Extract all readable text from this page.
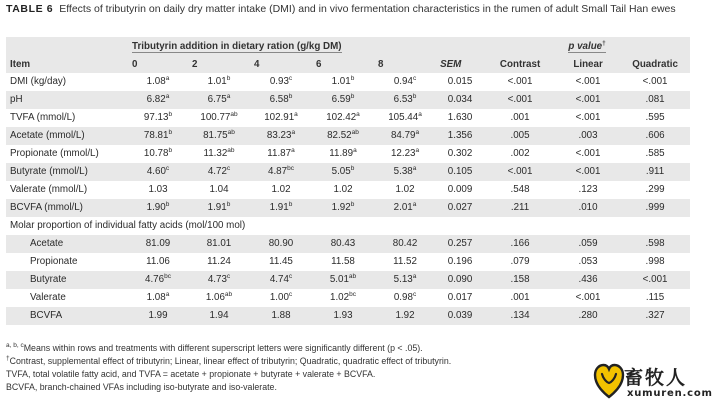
TABLE 6 Effects of tributyrin on daily dry matter intake (DMI) and in vivo fermentation characteristics in the rumen of adult Small Tail Han ewes
	Tributyrin addition in dietary ration (g/kg DM)						p value†
Item	0	2	4	6	8	SEM	Contrast	Linear	Quadratic
DMI (kg/day)	1.08$^a$	1.01$^b$	0.93$^c$	1.01$^b$	0.94$^c$	0.015	<.001	<.001	<.001
pH	6.82$^a$	6.75$^a$	6.58$^b$	6.59$^b$	6.53$^b$	0.034	<.001	<.001	.081
TVFA (mmol/L)	97.13$^b$	100.77$^{ab}$	102.91$^a$	102.42$^a$	105.44$^a$	1.630	.001	<.001	.595
Acetate (mmol/L)	78.81$^b$	81.75$^{ab}$	83.23$^a$	82.52$^{ab}$	84.79$^a$	1.356	.005	.003	.606
Propionate (mmol/L)	10.78$^b$	11.32$^{ab}$	11.87$^a$	11.89$^a$	12.23$^a$	0.302	.002	<.001	.585
Butyrate (mmol/L)	4.60$^c$	4.72$^c$	4.87$^{bc}$	5.05$^b$	5.38$^a$	0.105	<.001	<.001	.911
Valerate (mmol/L)	1.03	1.04	1.02	1.02	1.02	0.009	.548	.123	.299
BCVFA (mmol/L)	1.90$^b$	1.91$^b$	1.91$^b$	1.92$^b$	2.01$^a$	0.027	.211	.010	.999
Molar proportion of individual fatty acids (mol/100 mol)									
Acetate	81.09	81.01	80.90	80.43	80.42	0.257	.166	.059	.598
Propionate	11.06	11.24	11.45	11.58	11.52	0.196	.079	.053	.998
Butyrate	4.76$^{bc}$	4.73$^c$	4.74$^c$	5.01$^{ab}$	5.13$^a$	0.090	.158	.436	<.001
Valerate	1.08$^a$	1.06$^{ab}$	1.00$^c$	1.02$^{bc}$	0.98$^c$	0.017	.001	<.001	.115
BCVFA	1.99	1.94	1.88	1.93	1.92	0.039	.134	.280	.327

$^{a, b, c}$Means within rows and treatments with different superscript letters were significantly different (p < .05).

†Contrast, supplemental effect of tributyrin; Linear, linear effect of tributyrin; Quadratic, quadratic effect of tributyrin.

TVFA, total volatile fatty acid, and TVFA = acetate + propionate + butyrate + valerate + BCVFA.

BCVFA, branch-chained VFAs including iso-butyrate and iso-valerate.	畜牧人
xumuren.com
